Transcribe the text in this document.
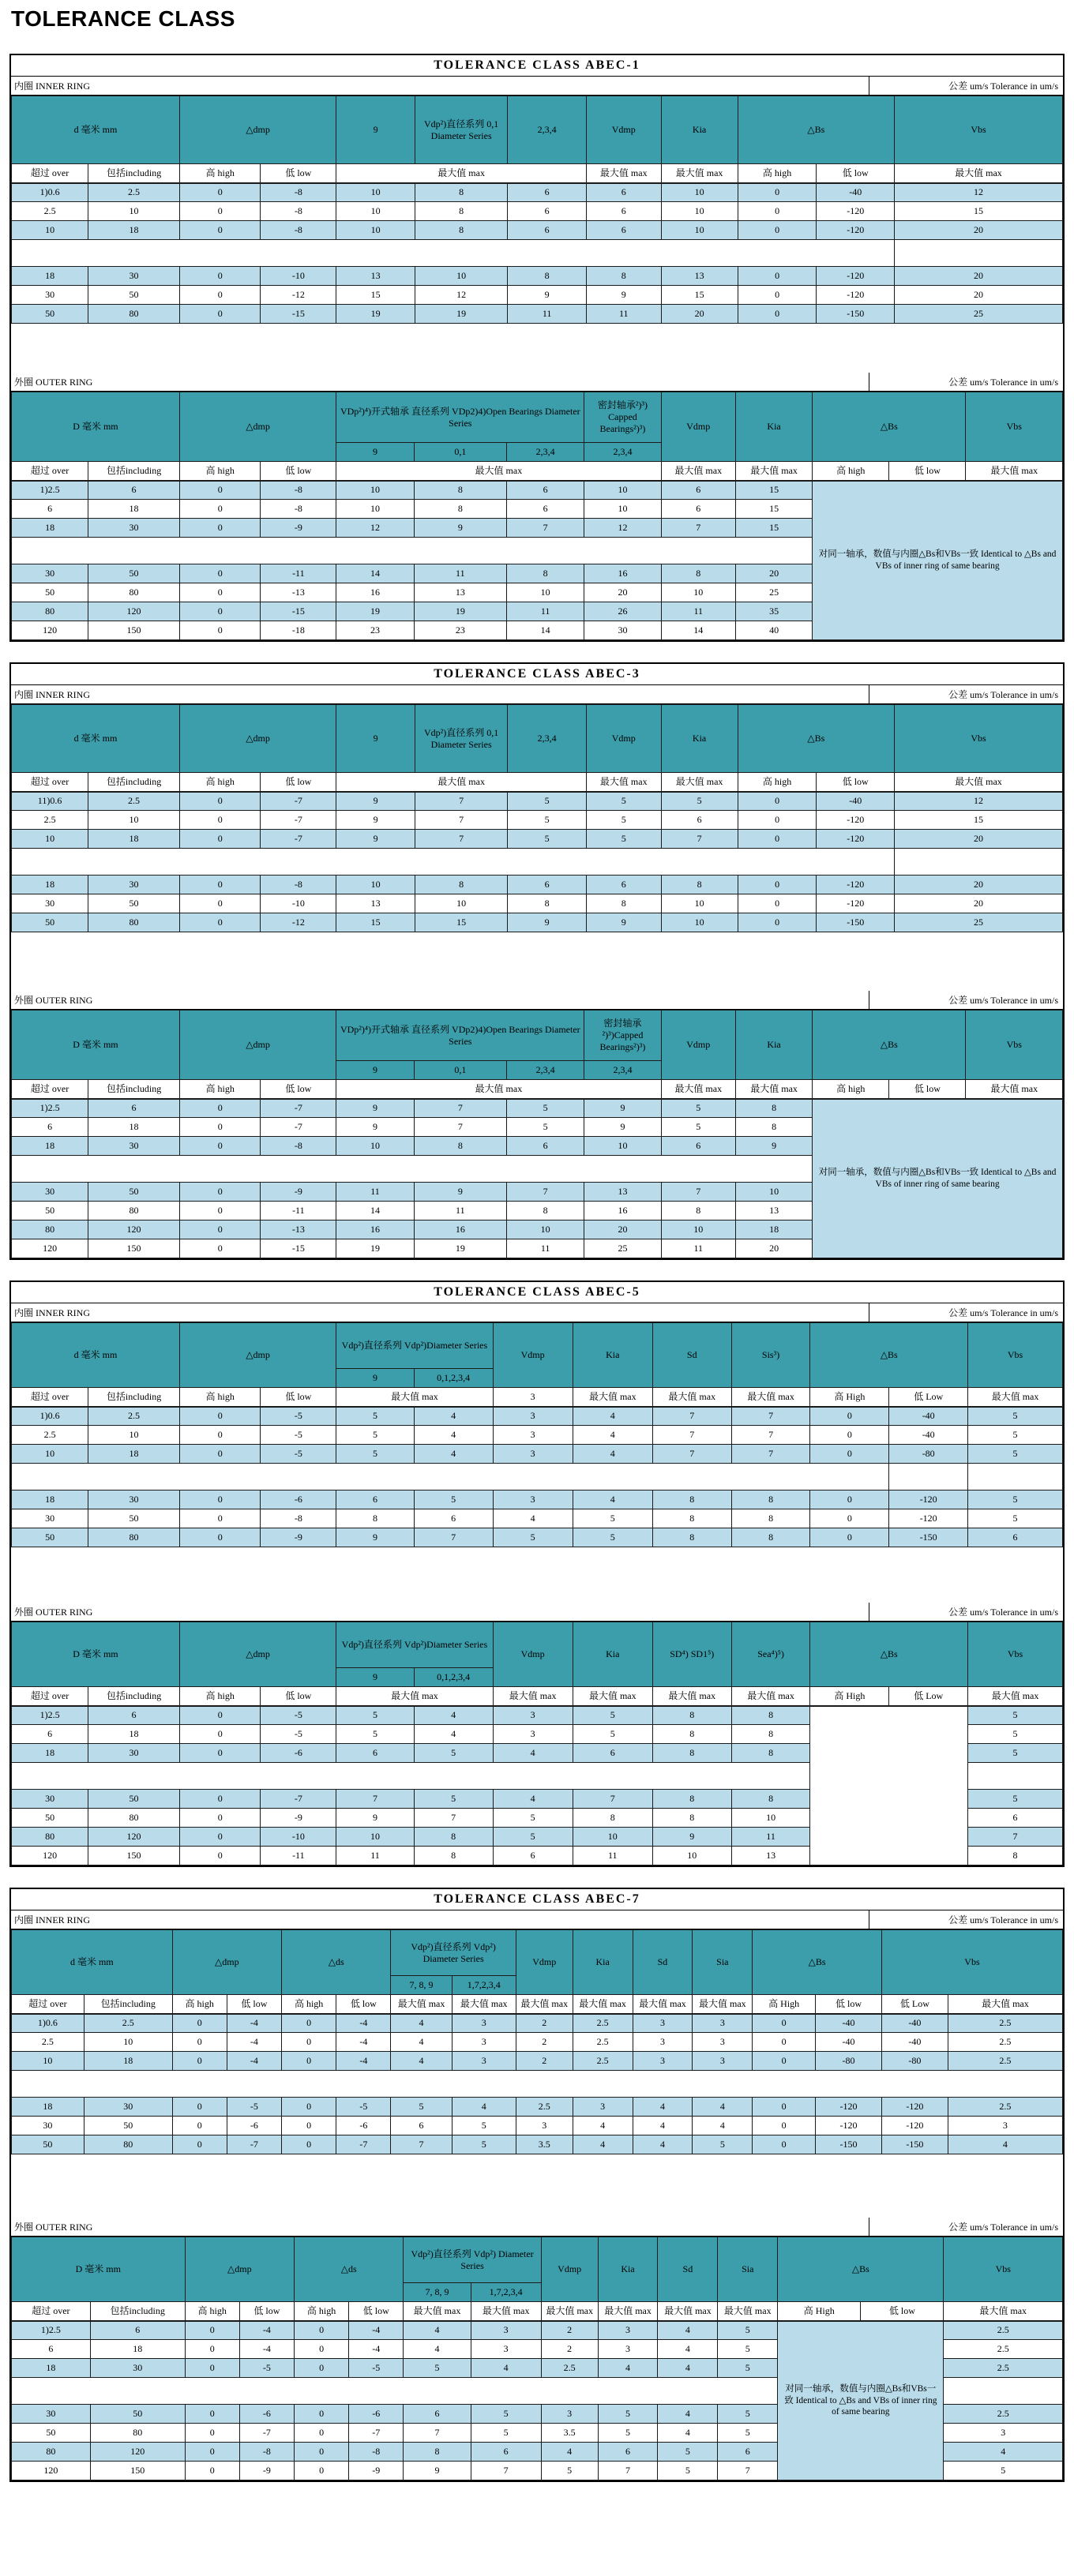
TOLERANCE CLASS
TOLERANCE CLASS ABEC-1
内圈 INNER RING	公差 um/s Tolerance in um/s
d 毫米 mm		△dmp		9	Vdp²)直径系列 0,1 Diameter Series	2,3,4	Vdmp	Kia	△Bs		Vbs
超过 over	包括including	高 high	低 low	最大值 max			最大值 max	最大值 max	高 high	低 low	最大值 max
1)0.6	2.5	0	-8	10	8	6	6	10	0	-40	12
2.5	10	0	-8	10	8	6	6	10	0	-120	15
10	18	0	-8	10	8	6	6	10	0	-120	20

18	30	0	-10	13	10	8	8	13	0	-120	20
30	50	0	-12	15	12	9	9	15	0	-120	20
50	80	0	-15	19	19	11	11	20	0	-150	25
外圈 OUTER RING	公差 um/s Tolerance in um/s
D 毫米 mm		△dmp		VDp²)⁴)开式轴承 直径系列 VDp2)4)Open Bearings Diameter Series			密封轴承²)³) Capped Bearings²)³)	Vdmp	Kia	△Bs		Vbs
				9	0,1	2,3,4	2,3,4					
超过 over	包括including	高 high	低 low	最大值 max				最大值 max	最大值 max	高 high	低 low	最大值 max
1)2.5	6	0	-8	10	8	6	10	6	15	对同一轴承，数值与内圈△Bs和VBs一致 Identical to △Bs and VBs of inner ring of same bearing		
6	18	0	-8	10	8	6	10	6	15			
18	30	0	-9	12	9	7	12	7	15			

30	50	0	-11	14	11	8	16	8	20			
50	80	0	-13	16	13	10	20	10	25			
80	120	0	-15	19	19	11	26	11	35			
120	150	0	-18	23	23	14	30	14	40			
TOLERANCE CLASS ABEC-3
内圈 INNER RING	公差 um/s Tolerance in um/s
d 毫米 mm		△dmp		9	Vdp²)直径系列 0,1 Diameter Series	2,3,4	Vdmp	Kia	△Bs		Vbs
超过 over	包括including	高 high	低 low	最大值 max			最大值 max	最大值 max	高 high	低 low	最大值 max
11)0.6	2.5	0	-7	9	7	5	5	5	0	-40	12
2.5	10	0	-7	9	7	5	5	6	0	-120	15
10	18	0	-7	9	7	5	5	7	0	-120	20

18	30	0	-8	10	8	6	6	8	0	-120	20
30	50	0	-10	13	10	8	8	10	0	-120	20
50	80	0	-12	15	15	9	9	10	0	-150	25
外圈 OUTER RING	公差 um/s Tolerance in um/s
D 毫米 mm		△dmp		VDp²)⁴)开式轴承 直径系列 VDp2)4)Open Bearings Diameter Series			密封轴承 ²)³)Capped Bearings²)³)	Vdmp	Kia	△Bs		Vbs
				9	0,1	2,3,4	2,3,4					
超过 over	包括including	高 high	低 low	最大值 max				最大值 max	最大值 max	高 high	低 low	最大值 max
1)2.5	6	0	-7	9	7	5	9	5	8	对同一轴承，数值与内圈△Bs和VBs一致 Identical to △Bs and VBs of inner ring of same bearing		
6	18	0	-7	9	7	5	9	5	8			
18	30	0	-8	10	8	6	10	6	9			

30	50	0	-9	11	9	7	13	7	10			
50	80	0	-11	14	11	8	16	8	13			
80	120	0	-13	16	16	10	20	10	18			
120	150	0	-15	19	19	11	25	11	20			
TOLERANCE CLASS ABEC-5
内圈 INNER RING	公差 um/s Tolerance in um/s
d 毫米 mm		△dmp		Vdp²)直径系列 Vdp²)Diameter Series		Vdmp	Kia	Sd	Sis³)	△Bs		Vbs
				9	0,1,2,3,4							
超过 over	包括including	高 high	低 low	最大值 max		3	最大值 max	最大值 max	最大值 max	高 High	低 Low	最大值 max
1)0.6	2.5	0	-5	5	4	3	4	7	7	0	-40	5
2.5	10	0	-5	5	4	3	4	7	7	0	-40	5
10	18	0	-5	5	4	3	4	7	7	0	-80	5

18	30	0	-6	6	5	3	4	8	8	0	-120	5
30	50	0	-8	8	6	4	5	8	8	0	-120	5
50	80	0	-9	9	7	5	5	8	8	0	-150	6
外圈 OUTER RING	公差 um/s Tolerance in um/s
D 毫米 mm		△dmp		Vdp²)直径系列 Vdp²)Diameter Series		Vdmp	Kia	SD⁴) SD1⁵)	Sea⁴)⁵)	△Bs		Vbs
				9	0,1,2,3,4							
超过 over	包括including	高 high	低 low	最大值 max		最大值 max	最大值 max	最大值 max	最大值 max	高 High	低 Low	最大值 max
1)2.5	6	0	-5	5	4	3	5	8	8			5
6	18	0	-5	5	4	3	5	8	8			5
18	30	0	-6	6	5	4	6	8	8			5

30	50	0	-7	7	5	4	7	8	8			5
50	80	0	-9	9	7	5	8	8	10			6
80	120	0	-10	10	8	5	10	9	11			7
120	150	0	-11	11	8	6	11	10	13			8
TOLERANCE CLASS ABEC-7
内圈 INNER RING	公差 um/s Tolerance in um/s
d 毫米 mm		△dmp		△ds		Vdp²)直径系列 Vdp²) Diameter Series		Vdmp	Kia	Sd	Sia	△Bs		Vbs	
						7, 8, 9	1,7,2,3,4								
超过 over	包括including	高 high	低 low	高 high	低 low	最大值 max	最大值 max	最大值 max	最大值 max	最大值 max	最大值 max	高 High	低 low	低 Low	最大值 max
1)0.6	2.5	0	-4	0	-4	4	3	2	2.5	3	3	0	-40	-40	2.5
2.5	10	0	-4	0	-4	4	3	2	2.5	3	3	0	-40	-40	2.5
10	18	0	-4	0	-4	4	3	2	2.5	3	3	0	-80	-80	2.5

18	30	0	-5	0	-5	5	4	2.5	3	4	4	0	-120	-120	2.5
30	50	0	-6	0	-6	6	5	3	4	4	4	0	-120	-120	3
50	80	0	-7	0	-7	7	5	3.5	4	4	5	0	-150	-150	4
外圈 OUTER RING	公差 um/s Tolerance in um/s
D 毫米 mm		△dmp		△ds		Vdp²)直径系列 Vdp²) Diameter Series		Vdmp	Kia	Sd	Sia	△Bs		Vbs
						7, 8, 9	1,7,2,3,4							
超过 over	包括including	高 high	低 low	高 high	低 low	最大值 max	最大值 max	最大值 max	最大值 max	最大值 max	最大值 max	高 High	低 low	最大值 max
1)2.5	6	0	-4	0	-4	4	3	2	3	4	5	对同一轴承，数值与内圈△Bs和VBs一致 Identical to △Bs and VBs of inner ring of same bearing		2.5
6	18	0	-4	0	-4	4	3	2	3	4	5			2.5
18	30	0	-5	0	-5	5	4	2.5	4	4	5			2.5

30	50	0	-6	0	-6	6	5	3	5	4	5			2.5
50	80	0	-7	0	-7	7	5	3.5	5	4	5			3
80	120	0	-8	0	-8	8	6	4	6	5	6			4
120	150	0	-9	0	-9	9	7	5	7	5	7			5
